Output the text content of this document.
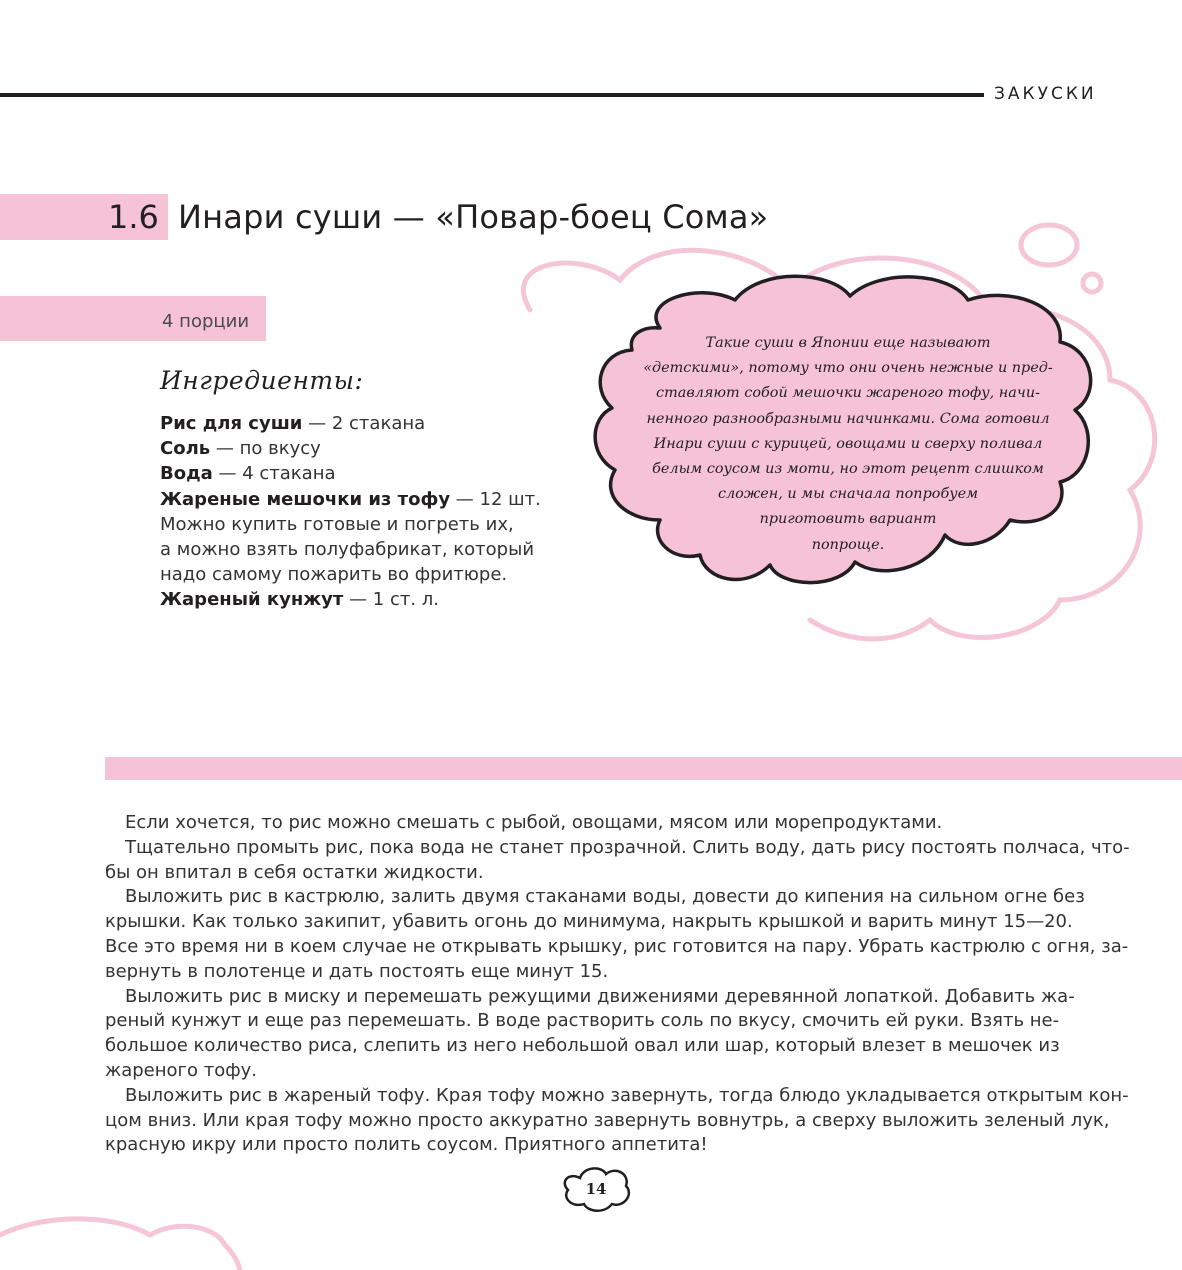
ЗАКУСКИ
1.6 Инари суши — «Повар-боец Сома»
4 порции
Ингредиенты:
Рис для суши — 2 стакана
Соль — по вкусу
Вода — 4 стакана
Жареные мешочки из тофу — 12 шт.
Можно купить готовые и погреть их,
а можно взять полуфабрикат, который
надо самому пожарить во фритюре.
Жареный кунжут — 1 ст. л.
Такие суши в Японии еще называют
«детскими», потому что они очень нежные и пред-
ставляют собой мешочки жареного тофу, начи-
ненного разнообразными начинками. Сома готовил
Инари суши с курицей, овощами и сверху поливал
белым соусом из моти, но этот рецепт слишком
сложен, и мы сначала попробуем
приготовить вариант
попроще.
Если хочется, то рис можно смешать с рыбой, овощами, мясом или морепродуктами.
Тщательно промыть рис, пока вода не станет прозрачной. Слить воду, дать рису постоять полчаса, что-
бы он впитал в себя остатки жидкости.
Выложить рис в кастрюлю, залить двумя стаканами воды, довести до кипения на сильном огне без
крышки. Как только закипит, убавить огонь до минимума, накрыть крышкой и варить минут 15—20.
Все это время ни в коем случае не открывать крышку, рис готовится на пару. Убрать кастрюлю с огня, за-
вернуть в полотенце и дать постоять еще минут 15.
Выложить рис в миску и перемешать режущими движениями деревянной лопаткой. Добавить жа-
реный кунжут и еще раз перемешать. В воде растворить соль по вкусу, смочить ей руки. Взять не-
большое количество риса, слепить из него небольшой овал или шар, который влезет в мешочек из
жареного тофу.
Выложить рис в жареный тофу. Края тофу можно завернуть, тогда блюдо укладывается открытым кон-
цом вниз. Или края тофу можно просто аккуратно завернуть вовнутрь, а сверху выложить зеленый лук,
красную икру или просто полить соусом. Приятного аппетита!
14
